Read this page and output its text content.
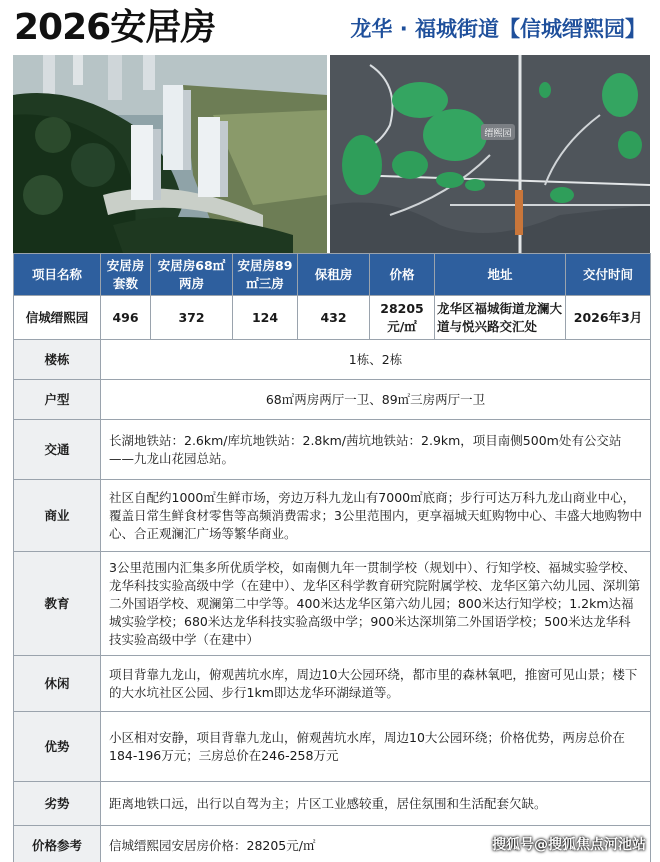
2026安居房	龙华 · 福城街道【信城缙熙园】
缙熙园
项目名称	安居房套数	安居房68㎡两房	安居房89㎡三房	保租房	价格	地址	交付时间
信城缙熙园	496	372	124	432	28205元/㎡	龙华区福城街道龙澜大道与悦兴路交汇处	2026年3月
楼栋	1栋、2栋						
户型	68㎡两房两厅一卫、89㎡三房两厅一卫						
交通	长湖地铁站：2.6km/库坑地铁站：2.8km/茜坑地铁站：2.9km，项目南侧500m处有公交站——九龙山花园总站。						
商业	社区自配约1000㎡生鲜市场，旁边万科九龙山有7000㎡底商；步行可达万科九龙山商业中心，覆盖日常生鲜食材零售等高频消费需求；3公里范围内，更享福城天虹购物中心、丰盛大地购物中心、合正观澜汇广场等繁华商业。						
教育	3公里范围内汇集多所优质学校，如南侧九年一贯制学校（规划中）、行知学校、福城实验学校、龙华科技实验高级中学（在建中）、龙华区科学教育研究院附属学校、龙华区第六幼儿园、深圳第二外国语学校、观澜第二中学等。400米达龙华区第六幼儿园；800米达行知学校；1.2km达福城实验学校；680米达龙华科技实验高级中学；900米达深圳第二外国语学校；500米达龙华科技实验高级中学（在建中）						
休闲	项目背靠九龙山，俯观茜坑水库，周边10大公园环绕，都市里的森林氧吧，推窗可见山景；楼下的大水坑社区公园、步行1km即达龙华环湖绿道等。						
优势	小区相对安静，项目背靠九龙山，俯观茜坑水库，周边10大公园环绕；价格优势，两房总价在184-196万元；三房总价在246-258万元						
劣势	距离地铁口远，出行以自驾为主；片区工业感较重，居住氛围和生活配套欠缺。						
价格参考	信城缙熙园安居房价格：28205元/㎡							搜狐号@搜狐焦点河池站
